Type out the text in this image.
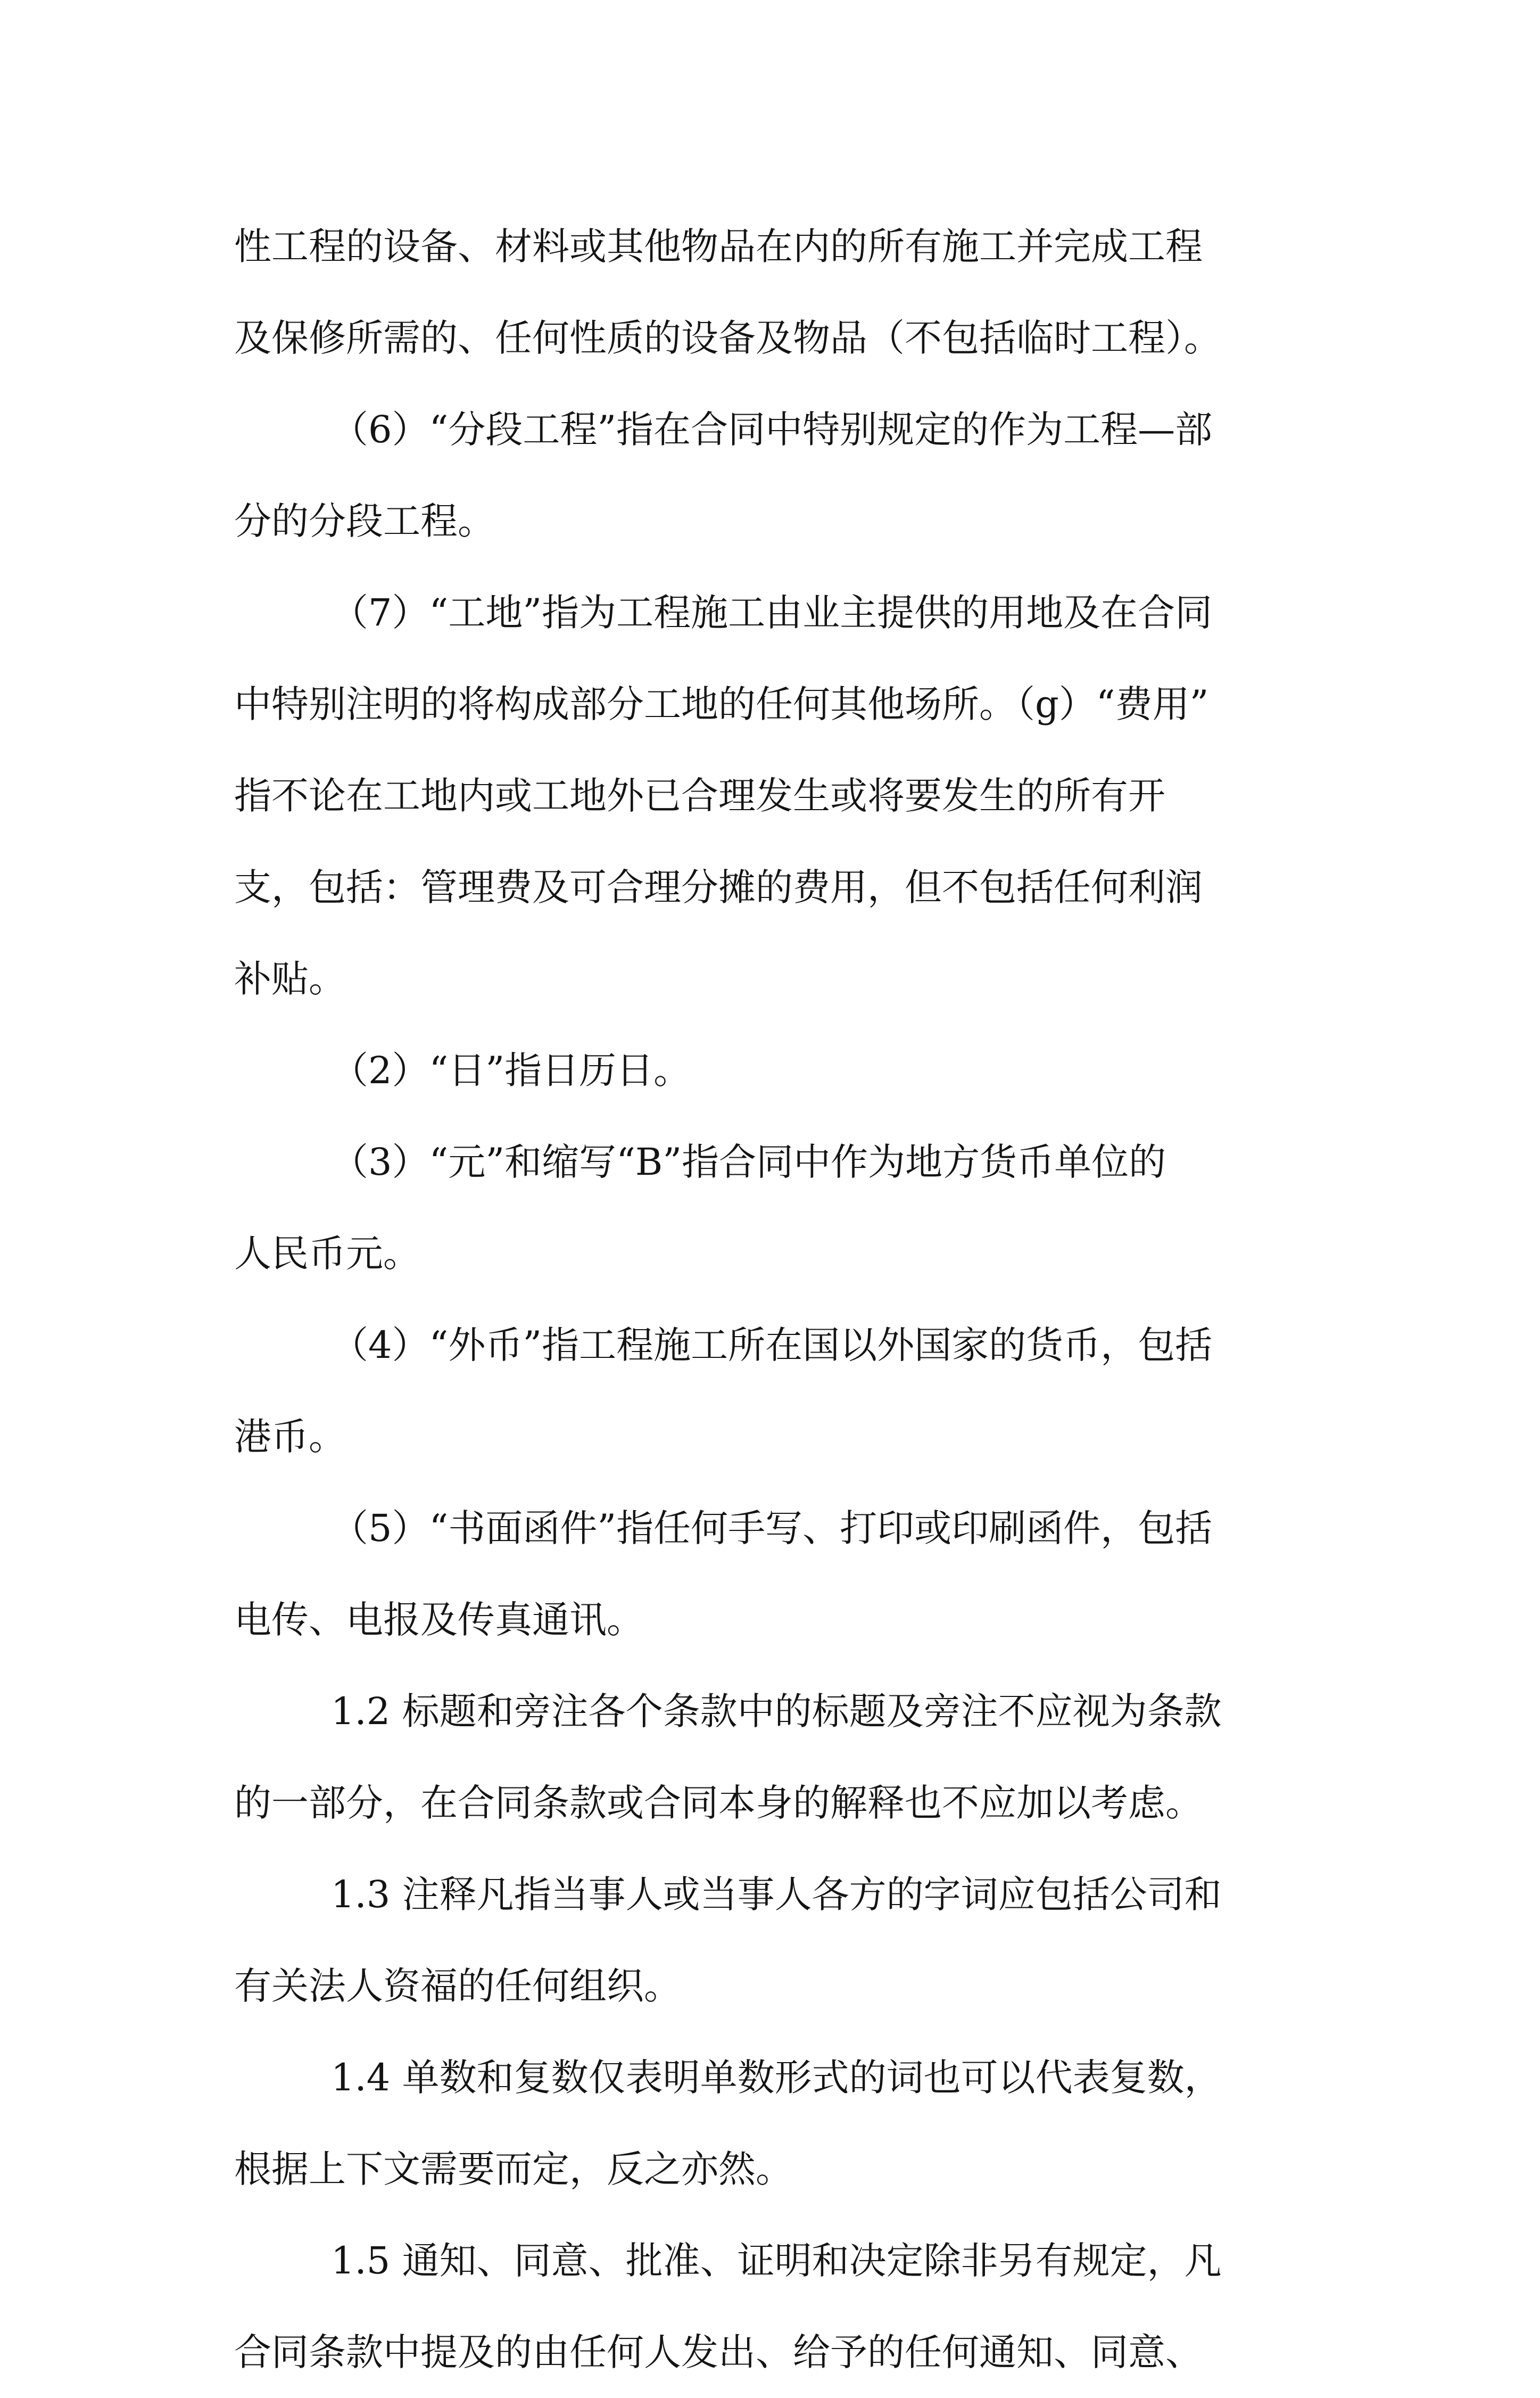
性工程的设备、材料或其他物品在内的所有施工并完成工程
及保修所需的、任何性质的设备及物品（不包括临时工程）。
（6）“分段工程”指在合同中特别规定的作为工程—部
分的分段工程。
（7）“工地”指为工程施工由业主提供的用地及在合同
中特别注明的将构成部分工地的任何其他场所。（g）“费用”
指不论在工地内或工地外已合理发生或将要发生的所有开
支，包括：管理费及可合理分摊的费用，但不包括任何利润
补贴。
（2）“日”指日历日。
（3）“元”和缩写“B”指合同中作为地方货币单位的
人民币元。
（4）“外币”指工程施工所在国以外国家的货币，包括
港币。
（5）“书面函件”指任何手写、打印或印刷函件，包括
电传、电报及传真通讯。
1.2 标题和旁注各个条款中的标题及旁注不应视为条款
的一部分，在合同条款或合同本身的解释也不应加以考虑。
1.3 注释凡指当事人或当事人各方的字词应包括公司和
有关法人资福的任何组织。
1.4 单数和复数仅表明单数形式的词也可以代表复数，
根据上下文需要而定，反之亦然。
1.5 通知、同意、批准、证明和决定除非另有规定，凡
合同条款中提及的由任何人发出、给予的任何通知、同意、
